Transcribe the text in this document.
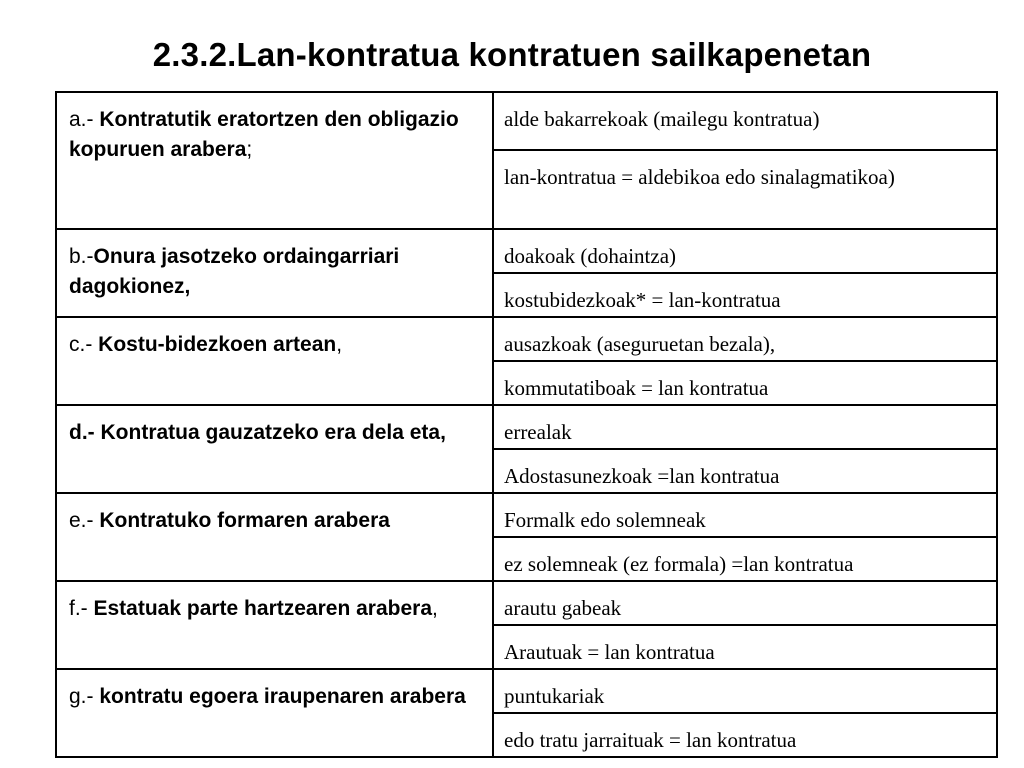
2.3.2.Lan-kontratua kontratuen sailkapenetan
a.- Kontratutik eratortzen den obligazio kopuruen arabera;	alde bakarrekoak (mailegu kontratua)
	lan-kontratua = aldebikoa edo sinalagmatikoa)
b.-Onura jasotzeko ordaingarriari dagokionez,	doakoak (dohaintza)
	kostubidezkoak* = lan-kontratua
c.- Kostu-bidezkoen artean,	ausazkoak (aseguruetan bezala),
	kommutatiboak = lan kontratua
d.- Kontratua gauzatzeko era dela eta,	errealak
	Adostasunezkoak =lan kontratua
e.- Kontratuko formaren arabera	Formalk edo solemneak
	ez solemneak (ez formala) =lan kontratua
f.- Estatuak parte hartzearen arabera,	arautu gabeak
	Arautuak = lan kontratua
g.- kontratu egoera iraupenaren arabera	puntukariak
	edo tratu jarraituak = lan kontratua
